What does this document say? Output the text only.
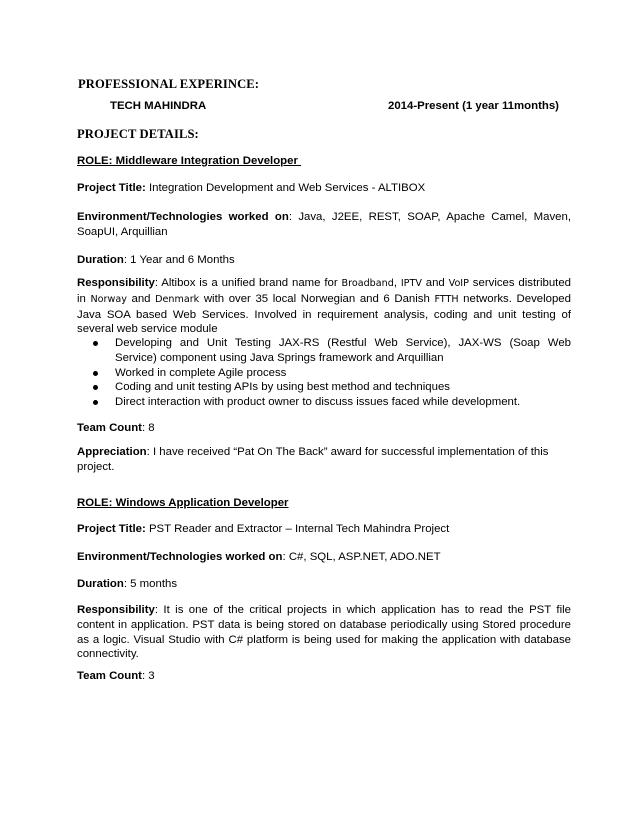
PROFESSIONAL EXPERINCE:
TECH MAHINDRA	2014-Present (1 year 11months)
PROJECT DETAILS:
ROLE: Middleware Integration Developer
Project Title: Integration Development and Web Services - ALTIBOX
Environment/Technologies worked on: Java, J2EE, REST, SOAP, Apache Camel, Maven,
SoapUI, Arquillian
Duration: 1 Year and 6 Months
Responsibility: Altibox is a unified brand name for Broadband, IPTV and VoIP services distributed
in Norway and Denmark with over 35 local Norwegian and 6 Danish FTTH networks. Developed
Java SOA based Web Services. Involved in requirement analysis, coding and unit testing of
several web service module
Developing and Unit Testing JAX-RS (Restful Web Service), JAX-WS (Soap Web
Service) component using Java Springs framework and Arquillian
Worked in complete Agile process
Coding and unit testing APIs by using best method and techniques
Direct interaction with product owner to discuss issues faced while development.
Team Count: 8
Appreciation: I have received “Pat On The Back” award for successful implementation of this
project.
ROLE: Windows Application Developer
Project Title: PST Reader and Extractor – Internal Tech Mahindra Project
Environment/Technologies worked on: C#, SQL, ASP.NET, ADO.NET
Duration: 5 months
Responsibility: It is one of the critical projects in which application has to read the PST file
content in application. PST data is being stored on database periodically using Stored procedure
as a logic. Visual Studio with C# platform is being used for making the application with database
connectivity.
Team Count: 3
